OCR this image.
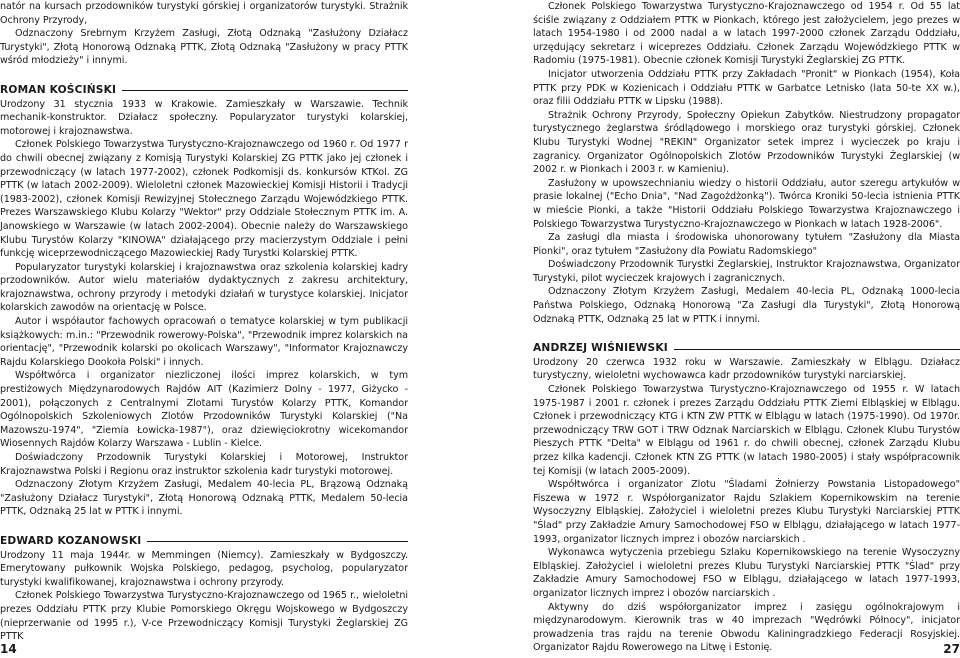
natór na kursach przodowników turystyki górskiej i organizatorów turystyki. Strażnik Ochrony Przyrody,

Odznaczony Srebrnym Krzyżem Zasługi, Złotą Odznaką "Zasłużony Działacz Turystyki", Złotą Honorową Odznaką PTTK, Złotą Odznaką "Zasłużony w pracy PTTK wśród młodzieży" i innymi.

ROMAN KOŚCIŃSKI

Urodzony 31 stycznia 1933 w Krakowie. Zamieszkały w Warszawie. Technik mechanik-konstruktor. Działacz społeczny. Popularyzator turystyki kolarskiej, motorowej i krajoznawstwa.

Członek Polskiego Towarzystwa Turystyczno-Krajoznawczego od 1960 r. Od 1977 r do chwili obecnej związany z Komisją Turystyki Kolarskiej ZG PTTK jako jej członek i przewodniczący (w latach 1977-2002), członek Podkomisji ds. konkursów KTKol. ZG PTTK (w latach 2002-2009). Wieloletni członek Mazowieckiej Komisji Historii i Tradycji (1983-2002), członek Komisji Rewizyjnej Stołecznego Zarządu Wojewódzkiego PTTK. Prezes Warszawskiego Klubu Kolarzy "Wektor" przy Oddziale Stołecznym PTTK im. A. Janowskiego w Warszawie (w latach 2002-2004). Obecnie należy do Warszawskiego Klubu Turystów Kolarzy "KINOWA" działającego przy macierzystym Oddziale i pełni funkcję wiceprzewodniczącego Mazowieckiej Rady Turystki Kolarskiej PTTK.

Popularyzator turystyki kolarskiej i krajoznawstwa oraz szkolenia kolarskiej kadry przodowników. Autor wielu materiałów dydaktycznych z zakresu architektury, krajoznawstwa, ochrony przyrody i metodyki działań w turystyce kolarskiej. Inicjator kolarskich zawodów na orientację w Polsce.

Autor i współautor fachowych opracowań o tematyce kolarskiej w tym publikacji książkowych: m.in.: "Przewodnik rowerowy-Polska", "Przewodnik imprez kolarskich na orientację", "Przewodnik kolarski po okolicach Warszawy", "Informator Krajoznawczy Rajdu Kolarskiego Dookoła Polski" i innych.

Współtwórca i organizator niezliczonej ilości imprez kolarskich, w tym prestiżowych Międzynarodowych Rajdów AIT (Kazimierz Dolny - 1977, Giżycko - 2001), połączonych z Centralnymi Zlotami Turystów Kolarzy PTTK, Komandor Ogólnopolskich Szkoleniowych Zlotów Przodowników Turystyki Kolarskiej ("Na Mazowszu-1974", "Ziemia Łowicka-1987"), oraz dziewięciokrotny wicekomandor Wiosennych Rajdów Kolarzy Warszawa - Lublin - Kielce.

Doświadczony Przodownik Turystyki Kolarskiej i Motorowej, Instruktor Krajoznawstwa Polski i Regionu oraz instruktor szkolenia kadr turystyki motorowej.

Odznaczony Złotym Krzyżem Zasługi, Medalem 40-lecia PL, Brązową Odznaką "Zasłużony Działacz Turystyki", Złotą Honorową Odznaką PTTK, Medalem 50-lecia PTTK, Odznaką 25 lat w PTTK i innymi.

EDWARD KOZANOWSKI

Urodzony 11 maja 1944r. w Memmingen (Niemcy). Zamieszkały w Bydgoszczy. Emerytowany pułkownik Wojska Polskiego, pedagog, psycholog, popularyzator turystyki kwalifikowanej, krajoznawstwa i ochrony przyrody.

Członek Polskiego Towarzystwa Turystyczno-Krajoznawczego od 1965 r., wieloletni prezes Oddziału PTTK przy Klubie Pomorskiego Okręgu Wojskowego w Bydgoszczy (nieprzerwanie od 1995 r.), V-ce Przewodniczący Komisji Turystyki Żeglarskiej ZG PTTK

Członek Polskiego Towarzystwa Turystyczno-Krajoznawczego od 1954 r. Od 55 lat ściśle związany z Oddziałem PTTK w Pionkach, którego jest założycielem, jego prezes w latach 1954-1980 i od 2000 nadal a w latach 1997-2000 członek Zarządu Oddziału, urzędujący sekretarz i wiceprezes Oddziału. Członek Zarządu Wojewódzkiego PTTK w Radomiu (1975-1981). Obecnie członek Komisji Turystyki Żeglarskiej ZG PTTK.

Inicjator utworzenia Oddziału PTTK przy Zakładach "Pronit" w Pionkach (1954), Koła PTTK przy PDK w Kozienicach i Oddziału PTTK w Garbatce Letnisko (lata 50-te XX w.), oraz filii Oddziału PTTK w Lipsku (1988).

Strażnik Ochrony Przyrody, Społeczny Opiekun Zabytków. Niestrudzony propagator turystycznego żeglarstwa śródlądowego i morskiego oraz turystyki górskiej. Członek Klubu Turystyki Wodnej "REKIN" Organizator setek imprez i wycieczek po kraju i zagranicy. Organizator Ogólnopolskich Zlotów Przodowników Turystyki Żeglarskiej (w 2002 r. w Pionkach i 2003 r. w Kamieniu).

Zasłużony w upowszechnianiu wiedzy o historii Oddziału, autor szeregu artykułów w prasie lokalnej ("Echo Dnia", "Nad Zagożdżonką"). Twórca Kroniki 50-lecia istnienia PTTK w mieście Pionki, a także "Historii Oddziału Polskiego Towarzystwa Krajoznawczego i Polskiego Towarzystwa Turystyczno-Krajoznawczego w Pionkach w latach 1928-2006".

Za zasługi dla miasta i środowiska uhonorowany tytułem "Zasłużony dla Miasta Pionki", oraz tytułem "Zasłużony dla Powiatu Radomskiego"

Doświadczony Przodownik Turystki Żeglarskiej, Instruktor Krajoznawstwa, Organizator Turystyki, pilot wycieczek krajowych i zagranicznych.

Odznaczony Złotym Krzyżem Zasługi, Medalem 40-lecia PL, Odznaką 1000-lecia Państwa Polskiego, Odznaką Honorową "Za Zasługi dla Turystyki", Złotą Honorową Odznaką PTTK, Odznaką 25 lat w PTTK i innymi.

ANDRZEJ WIŚNIEWSKI

Urodzony 20 czerwca 1932 roku w Warszawie. Zamieszkały w Elblągu. Działacz turystyczny, wieloletni wychowawca kadr przodowników turystyki narciarskiej.

Członek Polskiego Towarzystwa Turystyczno-Krajoznawczego od 1955 r. W latach 1975-1987 i 2001 r. członek i prezes Zarządu Oddziału PTTK Ziemi Elbląskiej w Elblągu. Członek i przewodniczący KTG i KTN ZW PTTK w Elblągu w latach (1975-1990). Od 1970r. przewodniczący TRW GOT i TRW Odznak Narciarskich w Elblągu. Członek Klubu Turystów Pieszych PTTK "Delta" w Elblągu od 1961 r. do chwili obecnej, członek Zarządu Klubu przez kilka kadencji. Członek KTN ZG PTTK (w latach 1980-2005) i stały współpracownik tej Komisji (w latach 2005-2009).

Współtwórca i organizator Zlotu "Śladami Żołnierzy Powstania Listopadowego" Fiszewa w 1972 r. Współorganizator Rajdu Szlakiem Kopernikowskim na terenie Wysoczyzny Elbląskiej. Założyciel i wieloletni prezes Klubu Turystyki Narciarskiej PTTK "Ślad" przy Zakładzie Amury Samochodowej FSO w Elblągu, działającego w latach 1977-1993, organizator licznych imprez i obozów narciarskich .

Wykonawca wytyczenia przebiegu Szlaku Kopernikowskiego na terenie Wysoczyzny Elbląskiej. Założyciel i wieloletni prezes Klubu Turystyki Narciarskiej PTTK "Ślad" przy Zakładzie Amury Samochodowej FSO w Elblągu, działającego w latach 1977-1993, organizator licznych imprez i obozów narciarskich .

Aktywny do dziś współorganizator imprez i zasięgu ogólnokrajowym i międzynarodowym. Kierownik tras w 40 imprezach "Wędrówki Północy", inicjator prowadzenia tras rajdu na terenie Obwodu Kaliningradzkiego Federacji Rosyjskiej. Organizator Rajdu Rowerowego na Litwę i Estonię.

14	27
